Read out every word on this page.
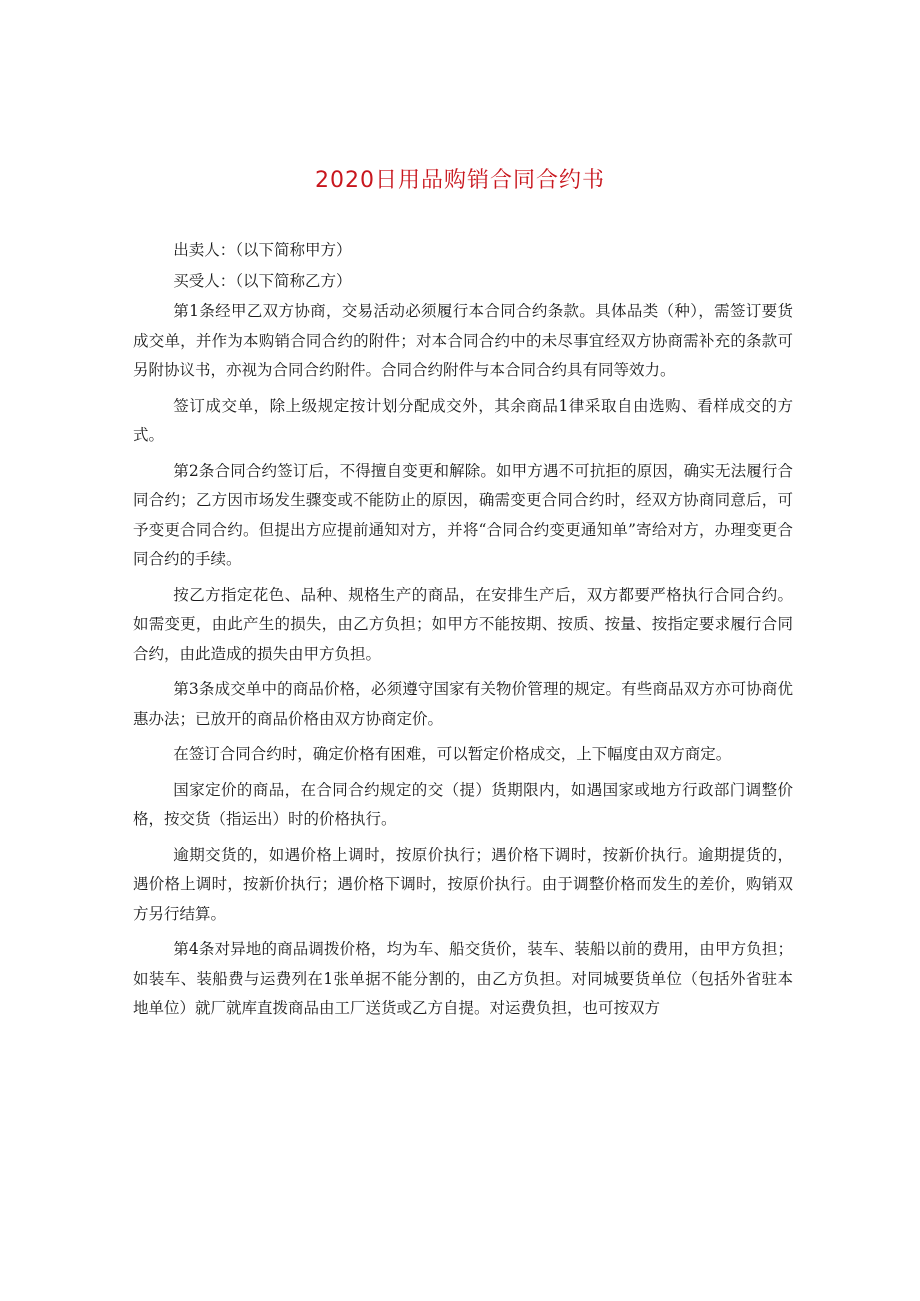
2020日用品购销合同合约书

出卖人：（以下简称甲方）

买受人：（以下简称乙方）

第1条经甲乙双方协商，交易活动必须履行本合同合约条款。具体品类（种），需签订要货成交单，并作为本购销合同合约的附件；对本合同合约中的未尽事宜经双方协商需补充的条款可另附协议书，亦视为合同合约附件。合同合约附件与本合同合约具有同等效力。

签订成交单，除上级规定按计划分配成交外，其余商品1律采取自由选购、看样成交的方式。

第2条合同合约签订后，不得擅自变更和解除。如甲方遇不可抗拒的原因，确实无法履行合同合约；乙方因市场发生骤变或不能防止的原因，确需变更合同合约时，经双方协商同意后，可予变更合同合约。但提出方应提前通知对方，并将“合同合约变更通知单”寄给对方，办理变更合同合约的手续。

按乙方指定花色、品种、规格生产的商品，在安排生产后，双方都要严格执行合同合约。如需变更，由此产生的损失，由乙方负担；如甲方不能按期、按质、按量、按指定要求履行合同合约，由此造成的损失由甲方负担。

第3条成交单中的商品价格，必须遵守国家有关物价管理的规定。有些商品双方亦可协商优惠办法；已放开的商品价格由双方协商定价。

在签订合同合约时，确定价格有困难，可以暂定价格成交，上下幅度由双方商定。

国家定价的商品，在合同合约规定的交（提）货期限内，如遇国家或地方行政部门调整价格，按交货（指运出）时的价格执行。

逾期交货的，如遇价格上调时，按原价执行；遇价格下调时，按新价执行。逾期提货的，遇价格上调时，按新价执行；遇价格下调时，按原价执行。由于调整价格而发生的差价，购销双方另行结算。

第4条对异地的商品调拨价格，均为车、船交货价，装车、装船以前的费用，由甲方负担；如装车、装船费与运费列在1张单据不能分割的，由乙方负担。对同城要货单位（包括外省驻本地单位）就厂就库直拨商品由工厂送货或乙方自提。对运费负担，也可按双方
